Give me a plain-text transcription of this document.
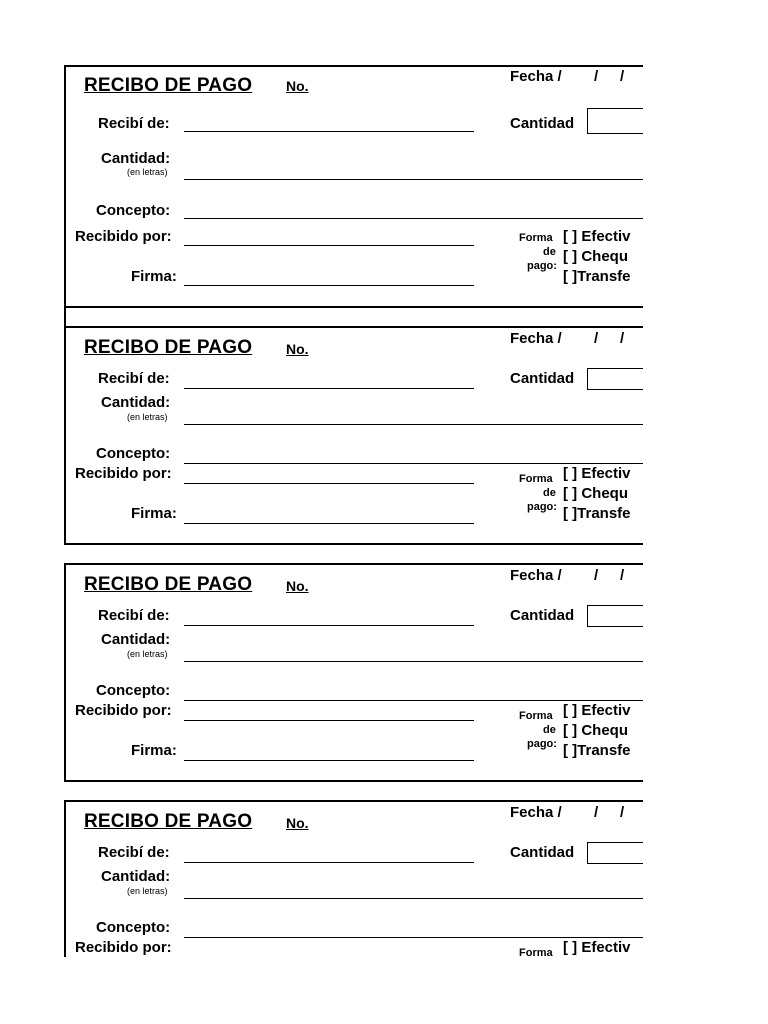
RECIBO DE PAGO No.
Fecha / / /
Recibí de:	Cantidad
Cantidad:
(en letras)
Concepto:
Recibido por:
Firma:
Forma
de
pago:
[ ] Efectiv
[ ] Chequ
[ ]Transfe
RECIBO DE PAGO No.
Fecha / / /
Recibí de:	Cantidad
Cantidad:
(en letras)
Concepto:
Recibido por:
Firma:
Forma
de
pago:
[ ] Efectiv
[ ] Chequ
[ ]Transfe
RECIBO DE PAGO No.
Fecha / / /
Recibí de:	Cantidad
Cantidad:
(en letras)
Concepto:
Recibido por:
Firma:
Forma
de
pago:
[ ] Efectiv
[ ] Chequ
[ ]Transfe
RECIBO DE PAGO No.
Fecha / / /
Recibí de:	Cantidad
Cantidad:
(en letras)
Concepto:
Recibido por:	Forma [ ] Efectiv
